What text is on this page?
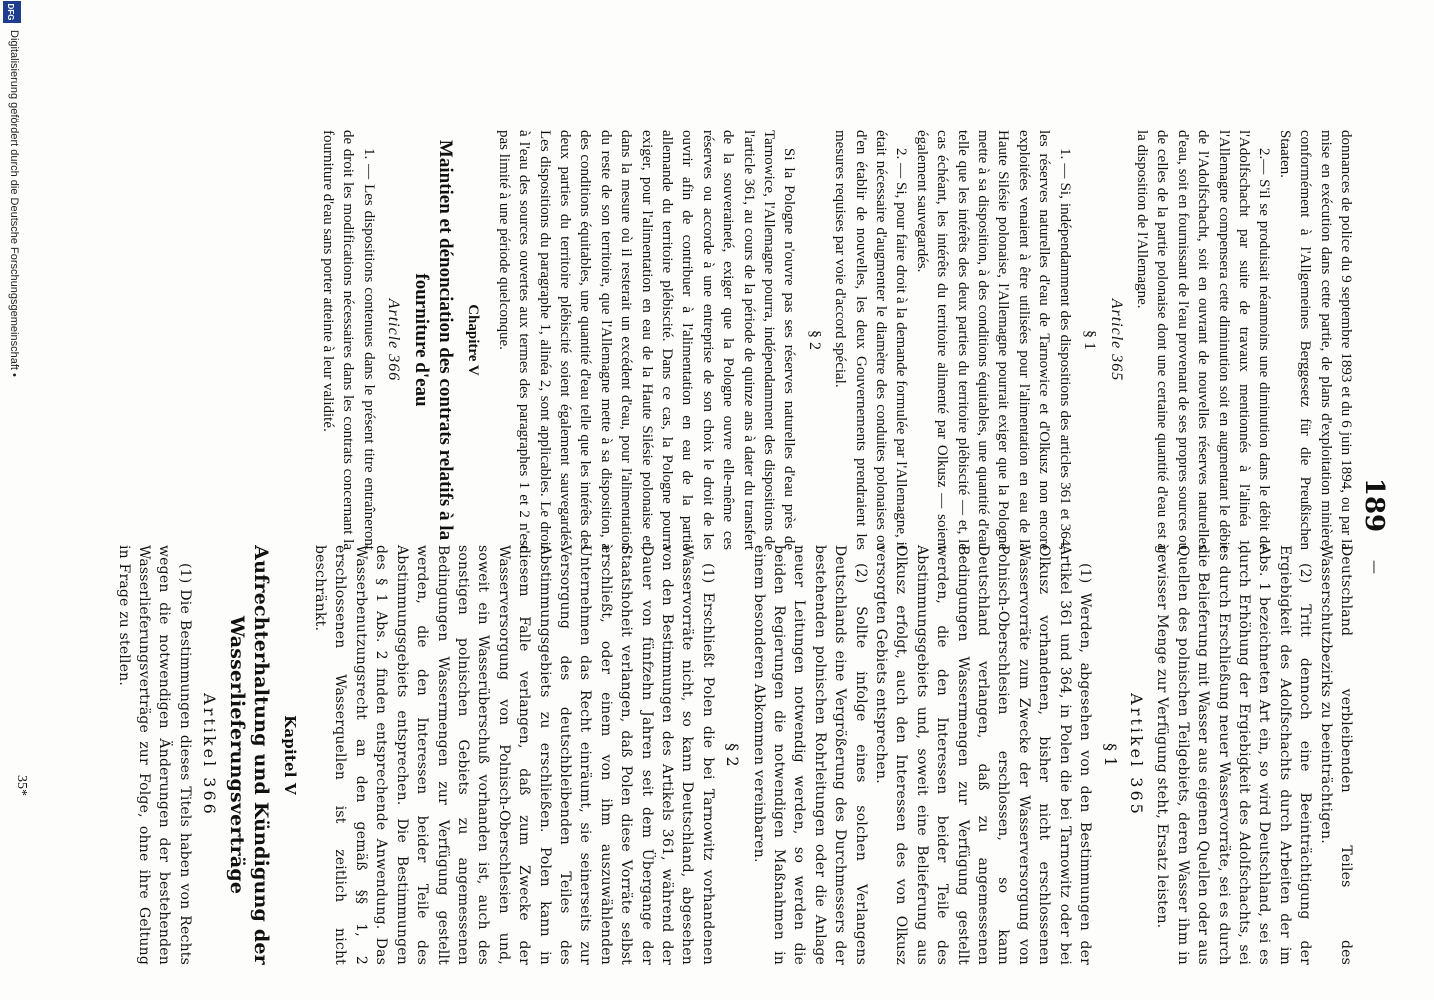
189
—

donnances de police du 9 septembre 1893 et du 6 juin 1894, ou par la mise en exécution dans cette partie, de plans d'exploitation minière, conformément à l'Allgemeines Berggesetz für die Preußischen Staaten.

2.— S'il se produisait néanmoins une diminution dans le débit de l'Adolfschacht par suite de travaux mentionnés à l'alinéa 1, l'Allemagne compensera cette diminution soit en augmentant le débit de l'Adolfschacht, soit en ouvrant de nouvelles réserves naturelles d'eau, soit en fournissant de l'eau provenant de ses propres sources ou de celles de la partie polonaise dont une certaine quantité d'eau est à la disposition de l'Allemagne.

Article 365
§ 1

1. — Si, indépendamment des dispositions des articles 361 et 364, les réserves naturelles d'eau de Tarnowice et d'Olkusz non encore exploitées venaient à être utilisées pour l'alimentation en eau de la Haute Silésie polonaise, l'Allemagne pourrait exiger que la Pologne mette à sa disposition, à des conditions équitables, une quantité d'eau telle que les intérêts des deux parties du territoire plébiscité — et, le cas échéant, les intérêts du territoire alimenté par Olkusz — soient également sauvegardés.

2. — Si, pour faire droit à la demande formulée par l'Allemagne, il était nécessaire d'augmenter le diamètre des conduites polonaises ou d'en établir de nouvelles, les deux Gouvernements prendraient les mesures requises par voie d'accord spécial.

§ 2

Si la Pologne n'ouvre pas ses réserves naturelles d'eau près de Tarnowice, l'Allemagne pourra, indépendamment des dispositions de l'article 361, au cours de la période de quinze ans à dater du transfert de la souveraineté, exiger que la Pologne ouvre elle-même ces réserves ou accorde à une entreprise de son choix le droit de les ouvrir afin de contribuer à l'alimentation en eau de la partie allemande du territoire plébiscité. Dans ce cas, la Pologne pourra exiger, pour l'alimentation en eau de la Haute Silésie polonaise et, dans la mesure où il resterait un excédent d'eau, pour l'alimentation du reste de son territoire, que l'Allemagne mette à sa disposition, à des conditions équitables, une quantité d'eau telle que les intérêts des deux parties du territoire plébiscité soient également sauvegardés. Les dispositions du paragraphe 1, alinéa 2, sont applicables. Le droit à l'eau des sources ouvertes aux termes des paragraphes 1 et 2 n'est pas limité à une période quelconque.

Chapitre V
Maintien et dénonciation des contrats relatifs à la fourniture d'eau
Article 366

1. — Les dispositions contenues dans le présent titre entraîneront de droit les modifications nécessaires dans les contrats concernant la fourniture d'eau sans porter atteinte à leur validité.

Deutschland verbleibenden Teiles des Wasserschutzbezirks zu beeinträchtigen.

(2) Tritt dennoch eine Beeinträchtigung der Ergiebigkeit des Adolfschachts durch Arbeiten der im Abs. 1 bezeichneten Art ein, so wird Deutschland, sei es durch Erhöhung der Ergiebigkeit des Adolfschachts, sei es durch Erschließung neuer Wasservorräte, sei es durch die Belieferung mit Wasser aus eigenen Quellen oder aus Quellen des polnischen Teilgebiets, deren Wasser ihm in gewisser Menge zur Verfügung steht, Ersatz leisten.

Artikel 365
§ 1

(1) Werden, abgesehen von den Bestimmungen der Artikel 361 und 364, in Polen die bei Tarnowitz oder bei Olkusz vorhandenen, bisher nicht erschlossenen Wasservorräte zum Zwecke der Wasserversorgung von Polnisch-Oberschlesien erschlossen, so kann Deutschland verlangen, daß zu angemessenen Bedingungen Wassermengen zur Verfügung gestellt werden, die den Interessen beider Teile des Abstimmungsgebiets und, soweit eine Belieferung aus Olkusz erfolgt, auch den Interessen des von Olkusz versorgten Gebiets entsprechen.

(2) Sollte infolge eines solchen Verlangens Deutschlands eine Vergrößerung des Durchmessers der bestehenden polnischen Rohrleitungen oder die Anlage neuer Leitungen notwendig werden, so werden die beiden Regierungen die notwendigen Maßnahmen in einem besonderen Abkommen vereinbaren.

§ 2

(1) Erschließt Polen die bei Tarnowitz vorhandenen Wasservorräte nicht, so kann Deutschland, abgesehen von den Bestimmungen des Artikels 361, während der Dauer von fünfzehn Jahren seit dem Übergange der Staatshoheit verlangen, daß Polen diese Vorräte selbst erschließt, oder einem von ihm auszuwählenden Unternehmen das Recht einräumt, sie seinerseits zur Versorgung des deutschbleibenden Teiles des Abstimmungsgebiets zu erschließen. Polen kann in diesem Falle verlangen, daß zum Zwecke der Wasserversorgung von Polnisch-Oberschlesien und, soweit ein Wasserüberschuß vorhanden ist, auch des sonstigen polnischen Gebiets zu angemessenen Bedingungen Wassermengen zur Verfügung gestellt werden, die den Interessen beider Teile des Abstimmungsgebiets entsprechen. Die Bestimmungen des § 1 Abs. 2 finden entsprechende Anwendung. Das Wasserbenutzungsrecht an den gemäß §§ 1, 2 erschlossenen Wasserquellen ist zeitlich nicht beschränkt.

Kapitel V
Aufrechterhaltung und Kündigung der Wasserlieferungsverträge
Artikel 366

(1) Die Bestimmungen dieses Titels haben von Rechts wegen die notwendigen Änderungen der bestehenden Wasserlieferungsverträge zur Folge, ohne ihre Geltung in Frage zu stellen.

35*
Digitalisierung gefördert durch die Deutsche Forschungsgemeinschaft •
DFG
